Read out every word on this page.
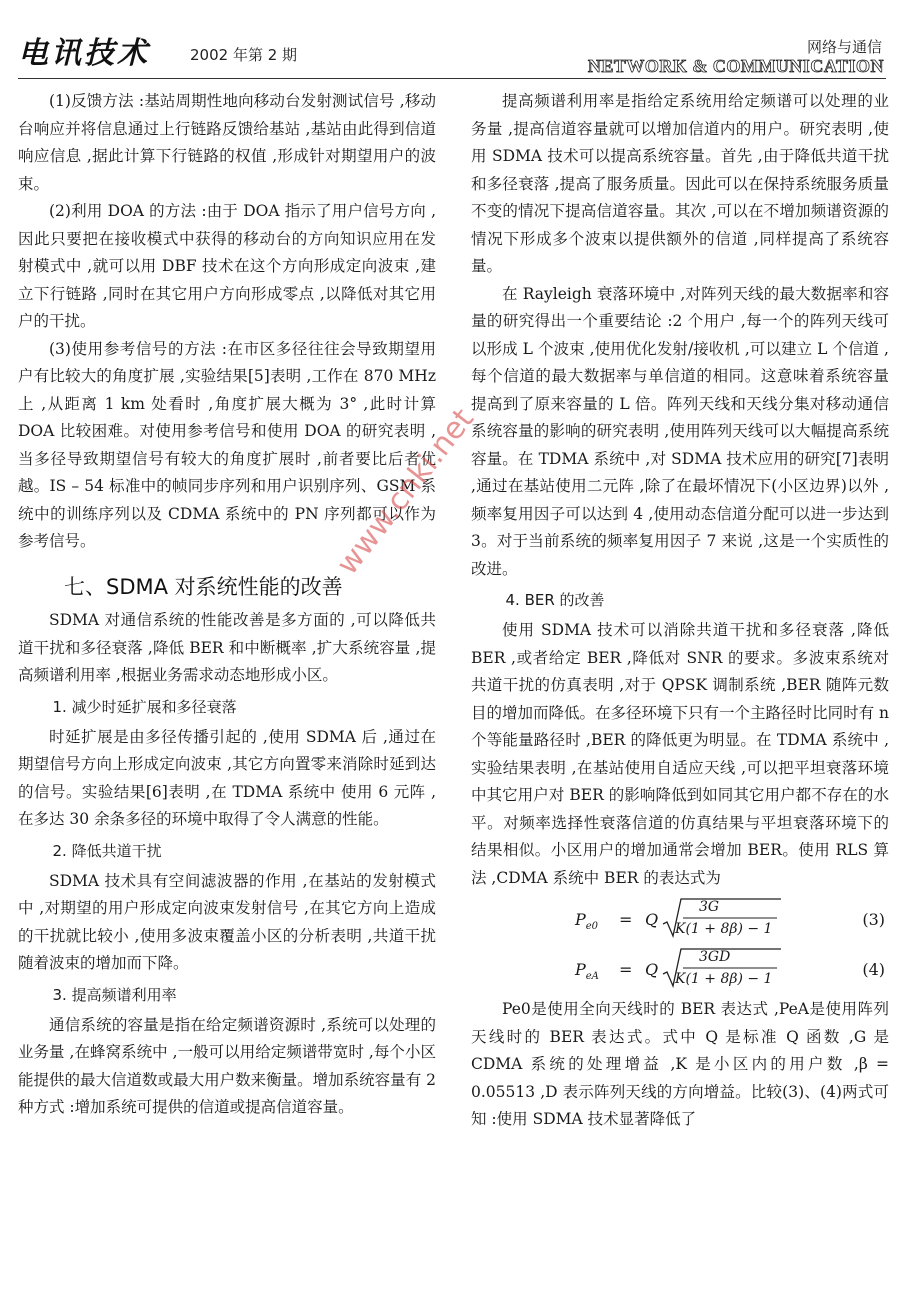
电讯技术	2002 年第 2 期	网络与通信
NETWORK & COMMUNICATION

(1)反馈方法 :基站周期性地向移动台发射测试信号 ,移动台响应并将信息通过上行链路反馈给基站 ,基站由此得到信道响应信息 ,据此计算下行链路的权值 ,形成针对期望用户的波束。

(2)利用 DOA 的方法 :由于 DOA 指示了用户信号方向 ,因此只要把在接收模式中获得的移动台的方向知识应用在发射模式中 ,就可以用 DBF 技术在这个方向形成定向波束 ,建立下行链路 ,同时在其它用户方向形成零点 ,以降低对其它用户的干扰。

(3)使用参考信号的方法 :在市区多径往往会导致期望用户有比较大的角度扩展 ,实验结果[5]表明 ,工作在 870 MHz 上 ,从距离 1 km 处看时 ,角度扩展大概为 3° ,此时计算 DOA 比较困难。对使用参考信号和使用 DOA 的研究表明 ,当多径导致期望信号有较大的角度扩展时 ,前者要比后者优越。IS – 54 标准中的帧同步序列和用户识别序列、GSM 系统中的训练序列以及 CDMA 系统中的 PN 序列都可以作为参考信号。

七、SDMA 对系统性能的改善

SDMA 对通信系统的性能改善是多方面的 ,可以降低共道干扰和多径衰落 ,降低 BER 和中断概率 ,扩大系统容量 ,提高频谱利用率 ,根据业务需求动态地形成小区。

1. 减少时延扩展和多径衰落

时延扩展是由多径传播引起的 ,使用 SDMA 后 ,通过在期望信号方向上形成定向波束 ,其它方向置零来消除时延到达的信号。实验结果[6]表明 ,在 TDMA 系统中 使用 6 元阵 ,在多达 30 余条多径的环境中取得了令人满意的性能。

2. 降低共道干扰

SDMA 技术具有空间滤波器的作用 ,在基站的发射模式中 ,对期望的用户形成定向波束发射信号 ,在其它方向上造成的干扰就比较小 ,使用多波束覆盖小区的分析表明 ,共道干扰随着波束的增加而下降。

3. 提高频谱利用率

通信系统的容量是指在给定频谱资源时 ,系统可以处理的业务量 ,在蜂窝系统中 ,一般可以用给定频谱带宽时 ,每个小区能提供的最大信道数或最大用户数来衡量。增加系统容量有 2 种方式 :增加系统可提供的信道或提高信道容量。

提高频谱利用率是指给定系统用给定频谱可以处理的业务量 ,提高信道容量就可以增加信道内的用户。研究表明 ,使用 SDMA 技术可以提高系统容量。首先 ,由于降低共道干扰和多径衰落 ,提高了服务质量。因此可以在保持系统服务质量不变的情况下提高信道容量。其次 ,可以在不增加频谱资源的情况下形成多个波束以提供额外的信道 ,同样提高了系统容量。

在 Rayleigh 衰落环境中 ,对阵列天线的最大数据率和容量的研究得出一个重要结论 :2 个用户 ,每一个的阵列天线可以形成 L 个波束 ,使用优化发射/接收机 ,可以建立 L 个信道 ,每个信道的最大数据率与单信道的相同。这意味着系统容量提高到了原来容量的 L 倍。阵列天线和天线分集对移动通信系统容量的影响的研究表明 ,使用阵列天线可以大幅提高系统容量。在 TDMA 系统中 ,对 SDMA 技术应用的研究[7]表明 ,通过在基站使用二元阵 ,除了在最坏情况下(小区边界)以外 ,频率复用因子可以达到 4 ,使用动态信道分配可以进一步达到 3。对于当前系统的频率复用因子 7 来说 ,这是一个实质性的改进。

4. BER 的改善

使用 SDMA 技术可以消除共道干扰和多径衰落 ,降低 BER ,或者给定 BER ,降低对 SNR 的要求。多波束系统对共道干扰的仿真表明 ,对于 QPSK 调制系统 ,BER 随阵元数目的增加而降低。在多径环境下只有一个主路径时比同时有 n 个等能量路径时 ,BER 的降低更为明显。在 TDMA 系统中 ,实验结果表明 ,在基站使用自适应天线 ,可以把平坦衰落环境中其它用户对 BER 的影响降低到如同其它用户都不存在的水平。对频率选择性衰落信道的仿真结果与平坦衰落环境下的结果相似。小区用户的增加通常会增加 BER。使用 RLS 算法 ,CDMA 系统中 BER 的表达式为

$P_{e0} = Q$
3G
K(1 + 8β) − 1	(3)
$P_{eA} = Q$
3GD
K(1 + 8β) − 1	(4)

Pe0是使用全向天线时的 BER 表达式 ,PeA是使用阵列天线时的 BER 表达式。式中 Q 是标准 Q 函数 ,G 是 CDMA 系统的处理增益 ,K 是小区内的用户数 ,β = 0.05513 ,D 表示阵列天线的方向增益。比较(3)、(4)两式可知 :使用 SDMA 技术显著降低了

www.cnki.net
